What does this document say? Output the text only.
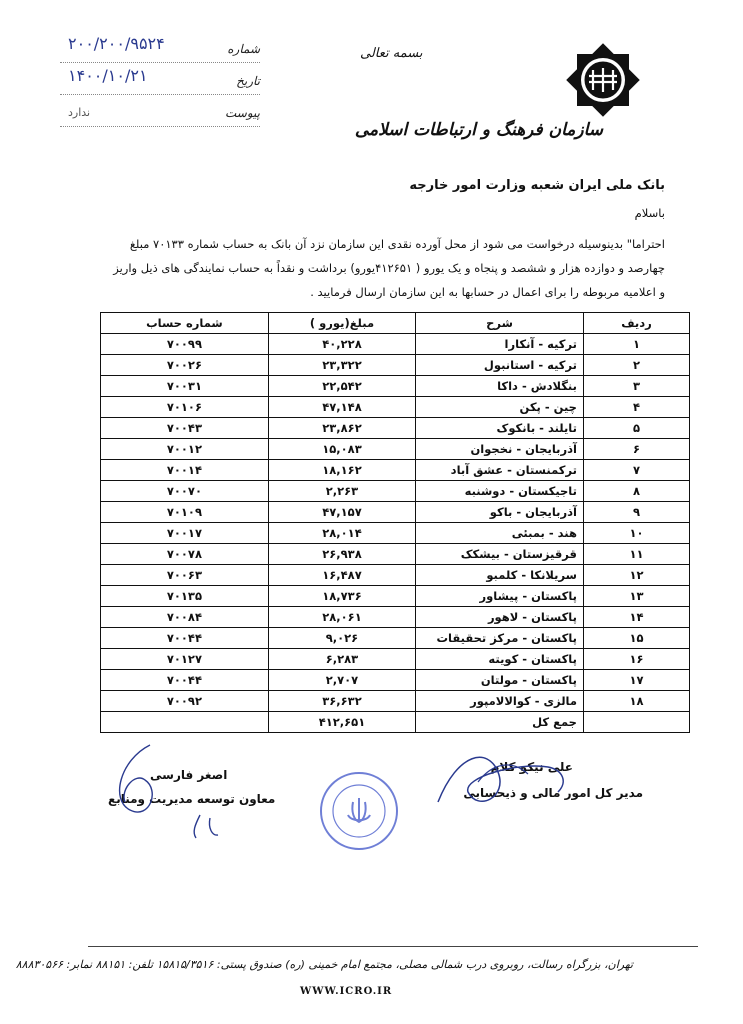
شماره
۲۰۰/۲۰۰/۹۵۲۴
تاریخ
۱۴۰۰/۱۰/۲۱
پیوست
ندارد
بسمه تعالی
سازمان فرهنگ و ارتباطات اسلامی
بانک ملی ایران شعبه وزارت امور خارجه
باسلام
احتراما" بدینوسیله درخواست می شود از محل آورده نقدی این سازمان نزد آن بانک به حساب شماره ۷۰۱۳۳ مبلغ
چهارصد و دوازده هزار و ششصد و پنجاه و یک یورو ( ۴۱۲۶۵۱یورو) برداشت و نقداً به حساب نمایندگی های ذیل واریز
و اعلامیه مربوطه را برای اعمال در حسابها به این سازمان ارسال فرمایید .
ردیف	شرح	مبلغ(یورو )	شماره حساب
۱	ترکیه - آنکارا	۴۰,۲۲۸	۷۰۰۹۹
۲	ترکیه - استانبول	۲۳,۳۲۲	۷۰۰۲۶
۳	بنگلادش - داکا	۲۲,۵۴۲	۷۰۰۳۱
۴	چین - پکن	۴۷,۱۴۸	۷۰۱۰۶
۵	تایلند - بانکوک	۲۳,۸۶۲	۷۰۰۴۳
۶	آذربایجان - نخجوان	۱۵,۰۸۳	۷۰۰۱۲
۷	ترکمنستان - عشق آباد	۱۸,۱۶۲	۷۰۰۱۴
۸	تاجیکستان - دوشنبه	۲,۲۶۳	۷۰۰۷۰
۹	آذربایجان - باکو	۴۷,۱۵۷	۷۰۱۰۹
۱۰	هند - بمبئی	۲۸,۰۱۴	۷۰۰۱۷
۱۱	قرقیزستان - بیشکک	۲۶,۹۳۸	۷۰۰۷۸
۱۲	سریلانکا - کلمبو	۱۶,۴۸۷	۷۰۰۶۳
۱۳	پاکستان - پیشاور	۱۸,۷۳۶	۷۰۱۳۵
۱۴	پاکستان - لاهور	۲۸,۰۶۱	۷۰۰۸۴
۱۵	پاکستان - مرکز تحقیقات	۹,۰۲۶	۷۰۰۴۴
۱۶	پاکستان - کویته	۶,۲۸۳	۷۰۱۲۷
۱۷	پاکستان - مولتان	۲,۷۰۷	۷۰۰۴۴
۱۸	مالزی - کوالالامپور	۳۶,۶۳۲	۷۰۰۹۲
	جمع کل	۴۱۲,۶۵۱	
علی نیکو کلام
مدیر کل امور مالی و ذیحسابی
اصغر فارسی
معاون توسعه مدیریت ومنابع
تهران، بزرگراه رسالت، روبروی درب شمالی مصلی، مجتمع امام خمینی (ره) صندوق پستی: ۱۵۸۱۵/۳۵۱۶ تلفن: ۸۸۱۵۱ نمابر: ۸۸۸۳۰۵۶۶
WWW.ICRO.IR
